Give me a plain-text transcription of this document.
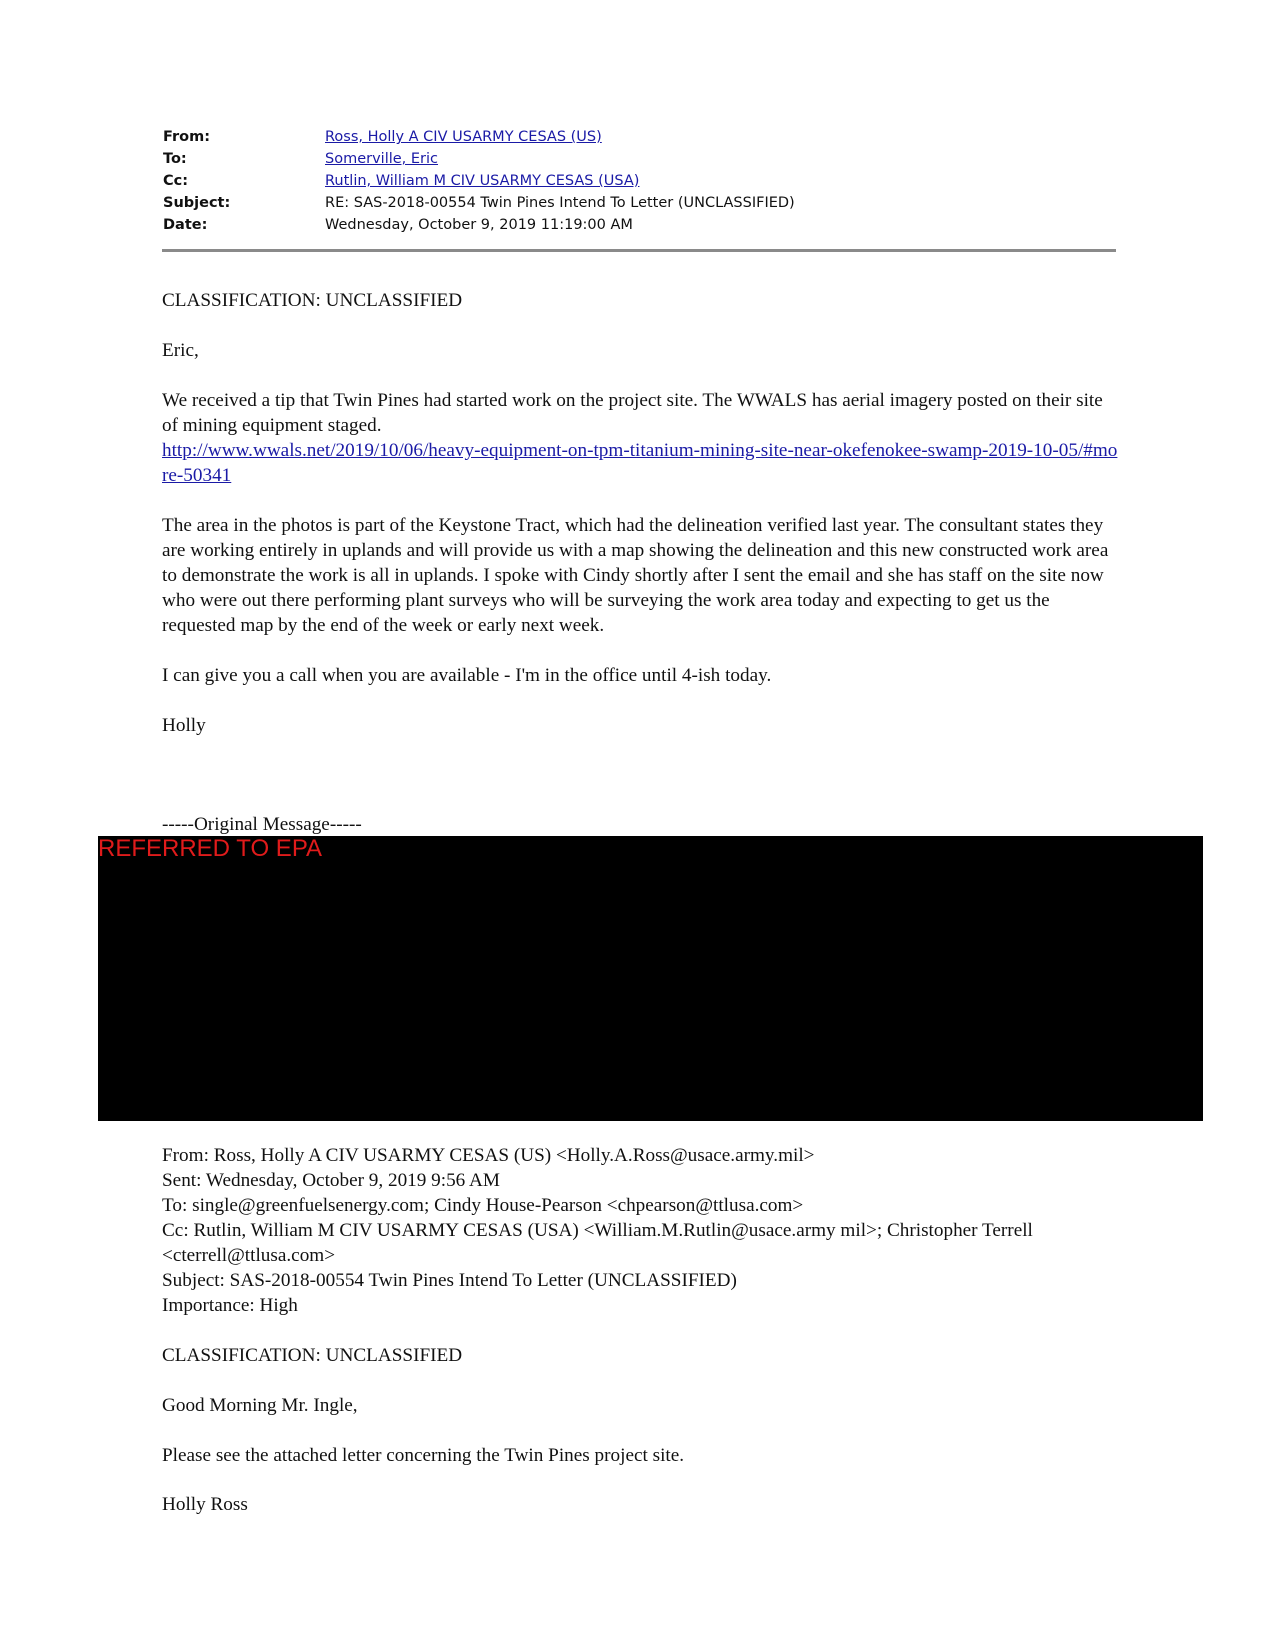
From:	Ross, Holly A CIV USARMY CESAS (US)
To:	Somerville, Eric
Cc:	Rutlin, William M CIV USARMY CESAS (USA)
Subject:	RE: SAS-2018-00554 Twin Pines Intend To Letter (UNCLASSIFIED)
Date:	Wednesday, October 9, 2019 11:19:00 AM
CLASSIFICATION: UNCLASSIFIED
Eric,

We received a tip that Twin Pines had started work on the project site. The WWALS has aerial imagery posted on their site of mining equipment staged.

http://www.wwals.net/2019/10/06/heavy-equipment-on-tpm-titanium-mining-site-near-okefenokee-swamp-2019-10-05/#more-50341

The area in the photos is part of the Keystone Tract, which had the delineation verified last year. The consultant states they are working entirely in uplands and will provide us with a map showing the delineation and this new constructed work area to demonstrate the work is all in uplands. I spoke with Cindy shortly after I sent the email and she has staff on the site now who were out there performing plant surveys who will be surveying the work area today and expecting to get us the requested map by the end of the week or early next week.
I can give you a call when you are available - I'm in the office until 4-ish today.
Holly
-----Original Message-----
REFERRED TO EPA

From: Ross, Holly A CIV USARMY CESAS (US) <Holly.A.Ross@usace.army.mil>

Sent: Wednesday, October 9, 2019 9:56 AM

To: single@greenfuelsenergy.com; Cindy House-Pearson <chpearson@ttlusa.com>

Cc: Rutlin, William M CIV USARMY CESAS (USA) <William.M.Rutlin@usace.army mil>; Christopher Terrell <cterrell@ttlusa.com>

Subject: SAS-2018-00554 Twin Pines Intend To Letter (UNCLASSIFIED)

Importance: High

CLASSIFICATION: UNCLASSIFIED
Good Morning Mr. Ingle,
Please see the attached letter concerning the Twin Pines project site.
Holly Ross
